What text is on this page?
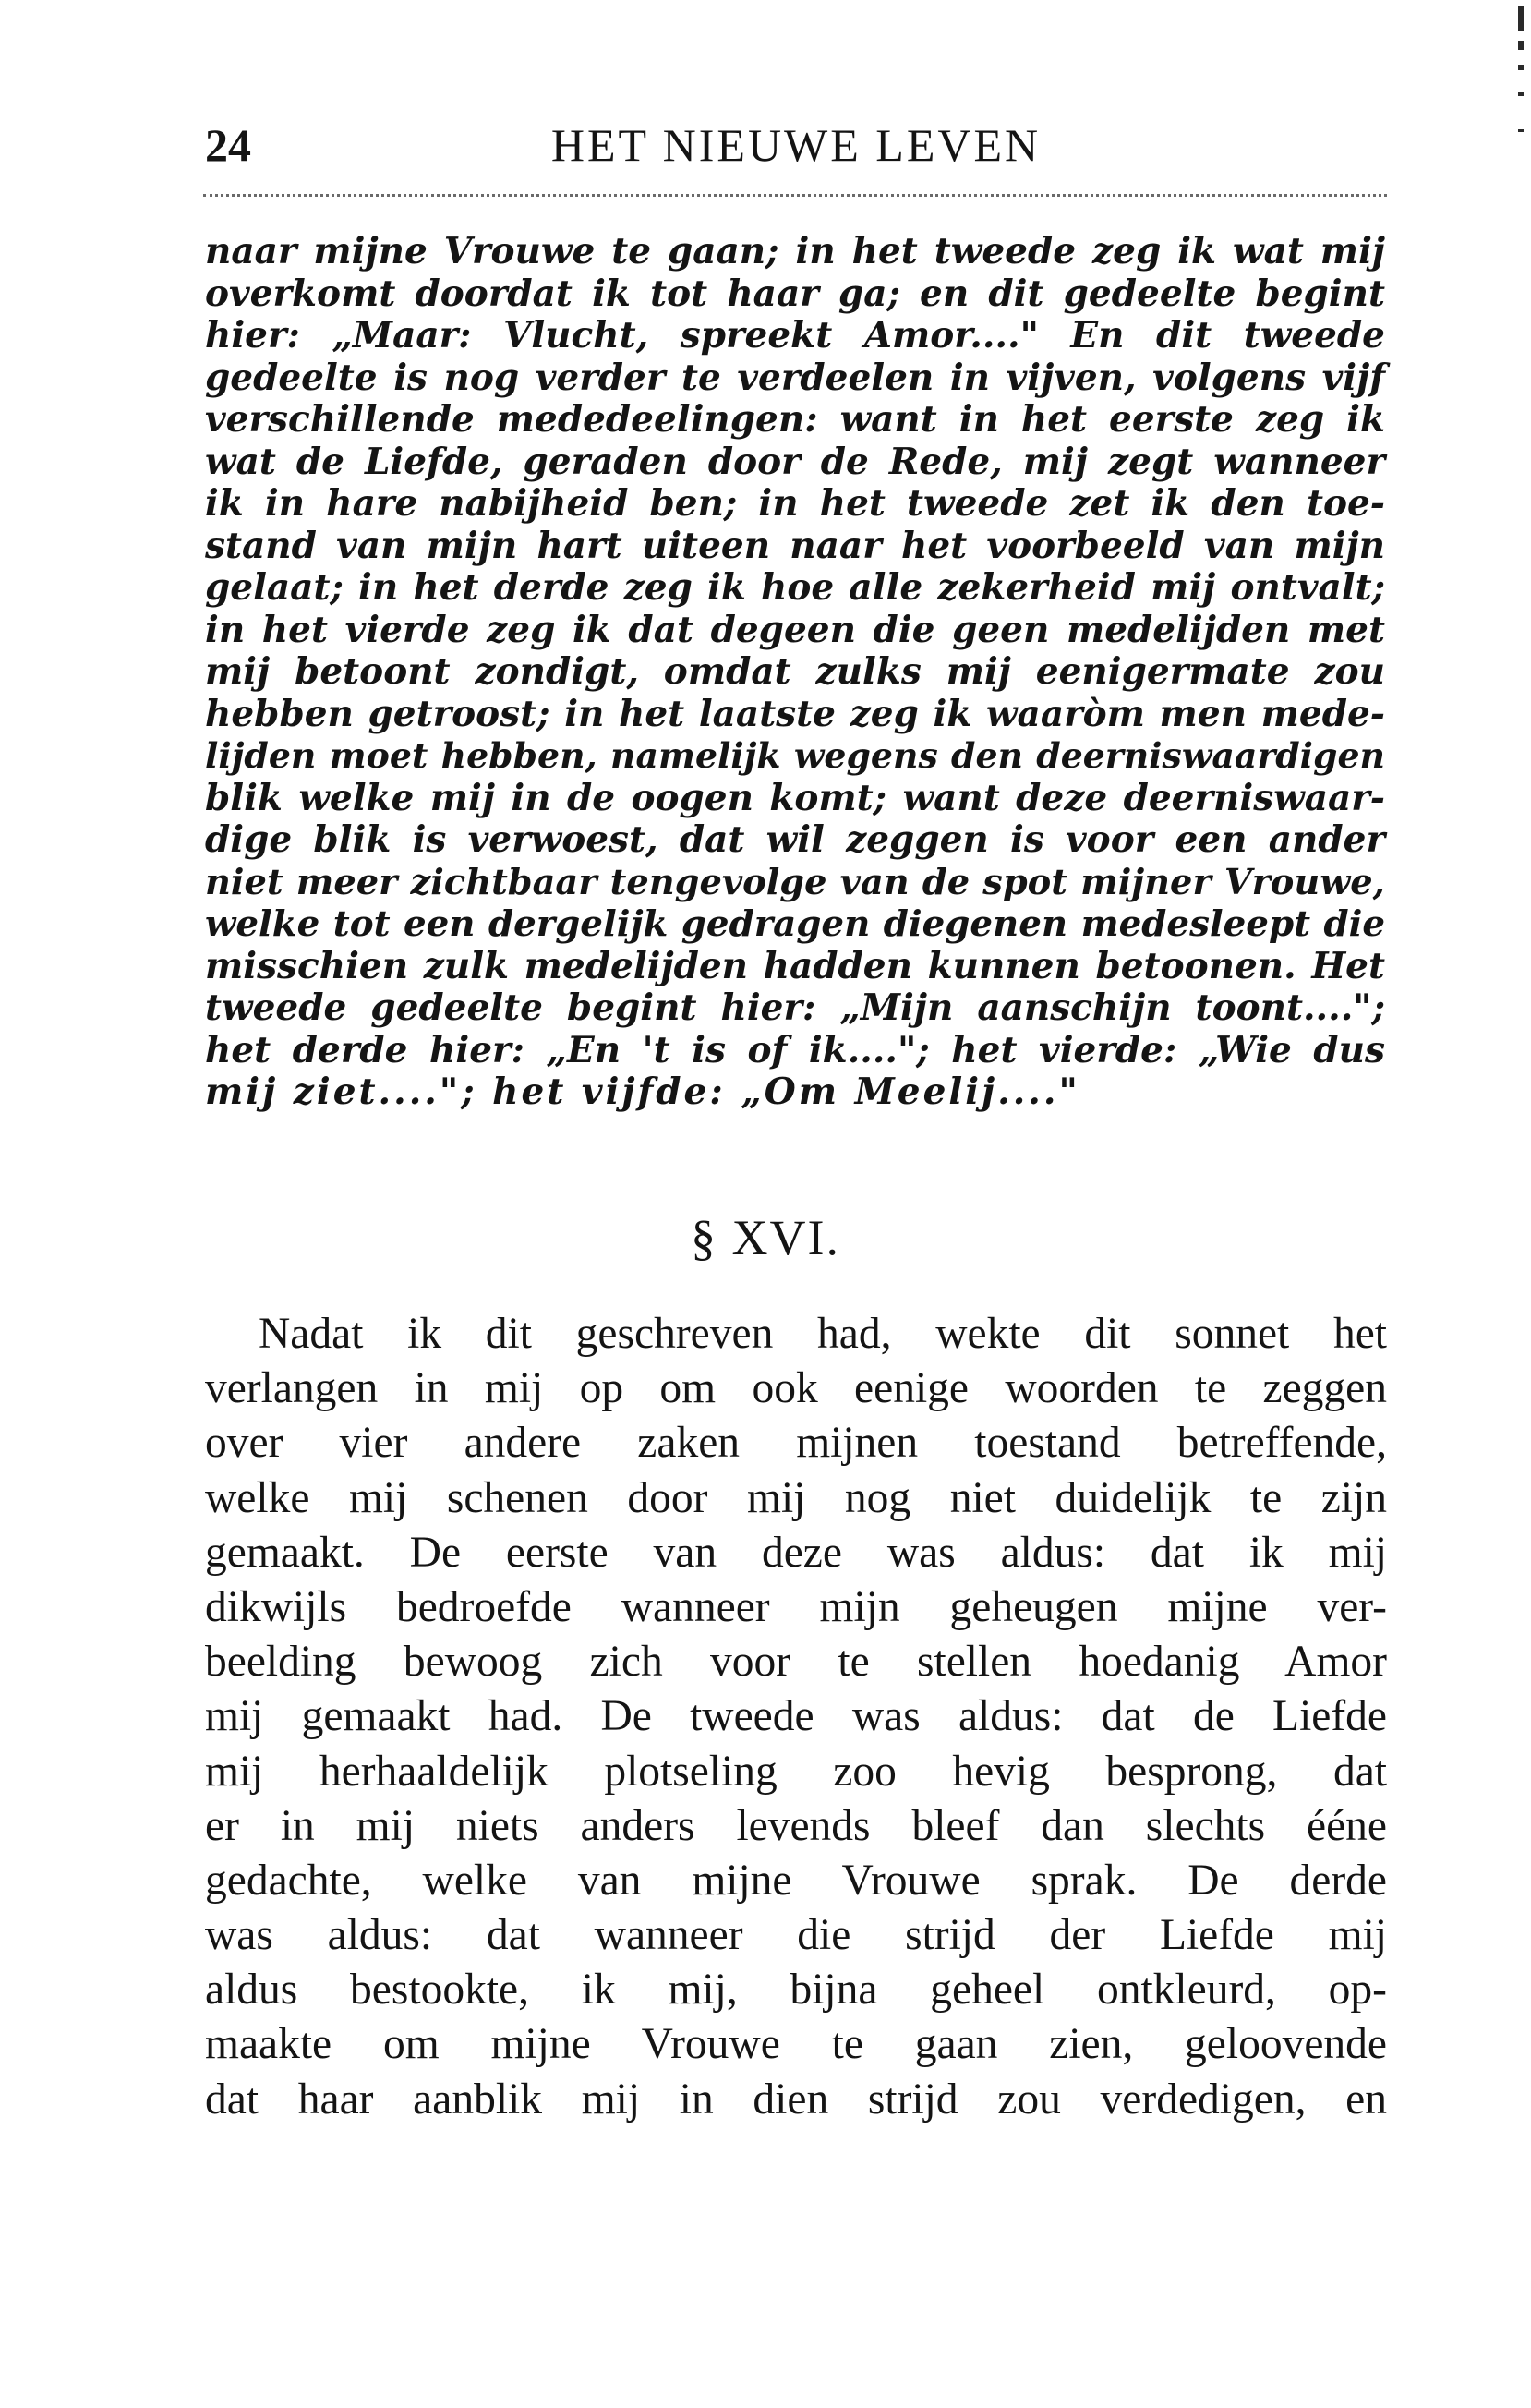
24	HET NIEUWE LEVEN
naar mijne Vrouwe te gaan; in het tweede zeg ik wat mij
overkomt doordat ik tot haar ga; en dit gedeelte begint
hier: „Maar: Vlucht, spreekt Amor...." En dit tweede
gedeelte is nog verder te verdeelen in vijven, volgens vijf
verschillende mededeelingen: want in het eerste zeg ik
wat de Liefde, geraden door de Rede, mij zegt wanneer
ik in hare nabijheid ben; in het tweede zet ik den toe-
stand van mijn hart uiteen naar het voorbeeld van mijn
gelaat; in het derde zeg ik hoe alle zekerheid mij ontvalt;
in het vierde zeg ik dat degeen die geen medelijden met
mij betoont zondigt, omdat zulks mij eenigermate zou
hebben getroost; in het laatste zeg ik waaròm men mede-
lijden moet hebben, namelijk wegens den deerniswaardigen
blik welke mij in de oogen komt; want deze deerniswaar-
dige blik is verwoest, dat wil zeggen is voor een ander
niet meer zichtbaar tengevolge van de spot mijner Vrouwe,
welke tot een dergelijk gedragen diegenen medesleept die
misschien zulk medelijden hadden kunnen betoonen. Het
tweede gedeelte begint hier: „Mijn aanschijn toont....";
het derde hier: „En 't is of ik...."; het vierde: „Wie dus
mij ziet...."; het vijfde: „Om Meelij...."
§ XVI.
Nadat ik dit geschreven had, wekte dit sonnet het
verlangen in mij op om ook eenige woorden te zeggen
over vier andere zaken mijnen toestand betreffende,
welke mij schenen door mij nog niet duidelijk te zijn
gemaakt. De eerste van deze was aldus: dat ik mij
dikwijls bedroefde wanneer mijn geheugen mijne ver-
beelding bewoog zich voor te stellen hoedanig Amor
mij gemaakt had. De tweede was aldus: dat de Liefde
mij herhaaldelijk plotseling zoo hevig besprong, dat
er in mij niets anders levends bleef dan slechts ééne
gedachte, welke van mijne Vrouwe sprak. De derde
was aldus: dat wanneer die strijd der Liefde mij
aldus bestookte, ik mij, bijna geheel ontkleurd, op-
maakte om mijne Vrouwe te gaan zien, geloovende
dat haar aanblik mij in dien strijd zou verdedigen, en
